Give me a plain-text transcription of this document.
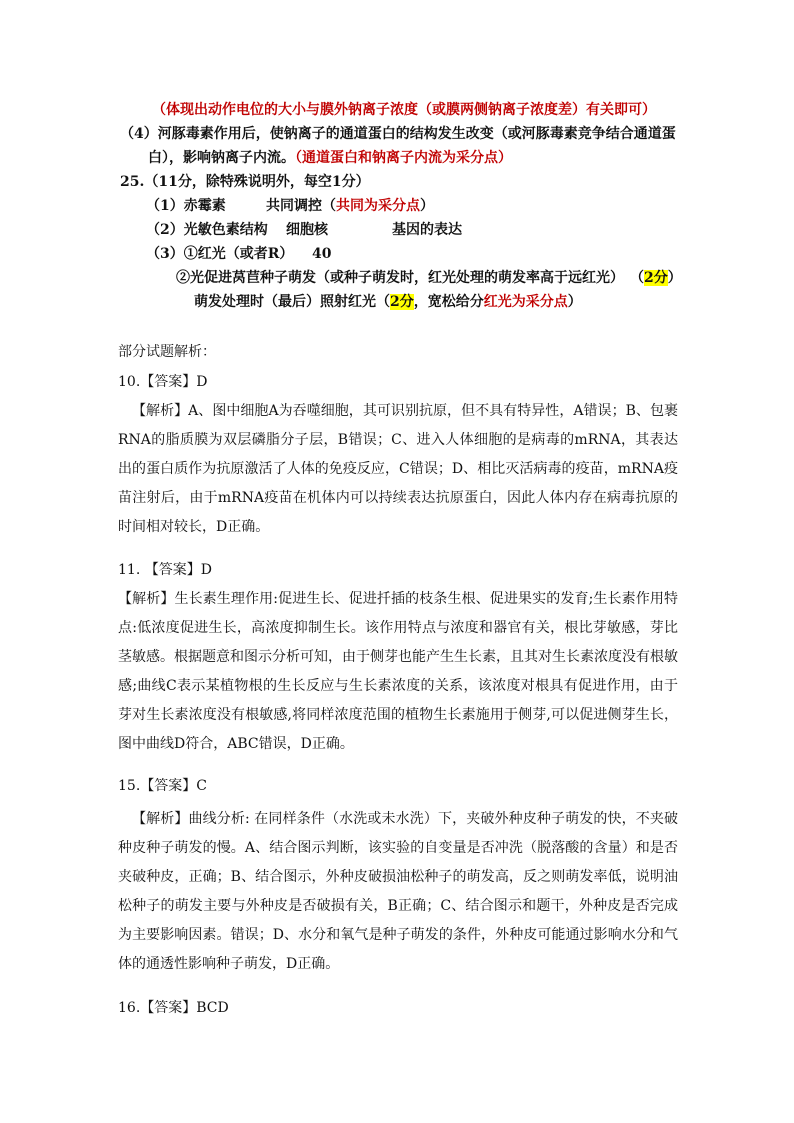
（体现出动作电位的大小与膜外钠离子浓度（或膜两侧钠离子浓度差）有关即可）
（4）河豚毒素作用后，使钠离子的通道蛋白的结构发生改变（或河豚毒素竞争结合通道蛋
白），影响钠离子内流。（通道蛋白和钠离子内流为采分点）
25.（11分，除特殊说明外，每空1分）
（1）赤霉素	共同调控（共同为采分点）
（2）光敏色素结构 细胞核	基因的表达
（3）①红光（或者R） 40
②光促进莴苣种子萌发（或种子萌发时，红光处理的萌发率高于远红光） （2分）
萌发处理时（最后）照射红光（2分，宽松给分红光为采分点）
部分试题解析：
10.【答案】D
【解析】A、图中细胞A为吞噬细胞，其可识别抗原，但不具有特异性，A错误；B、包裹RNA的脂质膜为双层磷脂分子层，B错误；C、进入人体细胞的是病毒的mRNA，其表达出的蛋白质作为抗原激活了人体的免疫反应，C错误；D、相比灭活病毒的疫苗，mRNA疫苗注射后，由于mRNA疫苗在机体内可以持续表达抗原蛋白，因此人体内存在病毒抗原的时间相对较长，D正确。
11. 【答案】D
【解析】生长素生理作用:促进生长、促进扦插的枝条生根、促进果实的发育;生长素作用特点:低浓度促进生长，高浓度抑制生长。该作用特点与浓度和器官有关，根比芽敏感，芽比茎敏感。根据题意和图示分析可知，由于侧芽也能产生生长素，且其对生长素浓度没有根敏感;曲线C表示某植物根的生长反应与生长素浓度的关系，该浓度对根具有促进作用，由于芽对生长素浓度没有根敏感,将同样浓度范围的植物生长素施用于侧芽,可以促进侧芽生长，图中曲线D符合，ABC错误，D正确。
15.【答案】C
【解析】曲线分析: 在同样条件（水洗或未水洗）下，夹破外种皮种子萌发的快，不夹破种皮种子萌发的慢。A、结合图示判断，该实验的自变量是否冲洗（脱落酸的含量）和是否夹破种皮，正确；B、结合图示，外种皮破损油松种子的萌发高，反之则萌发率低，说明油松种子的萌发主要与外种皮是否破损有关，B正确；C、结合图示和题干，外种皮是否完成为主要影响因素。错误；D、水分和氧气是种子萌发的条件，外种皮可能通过影响水分和气体的通透性影响种子萌发，D正确。
16.【答案】BCD
